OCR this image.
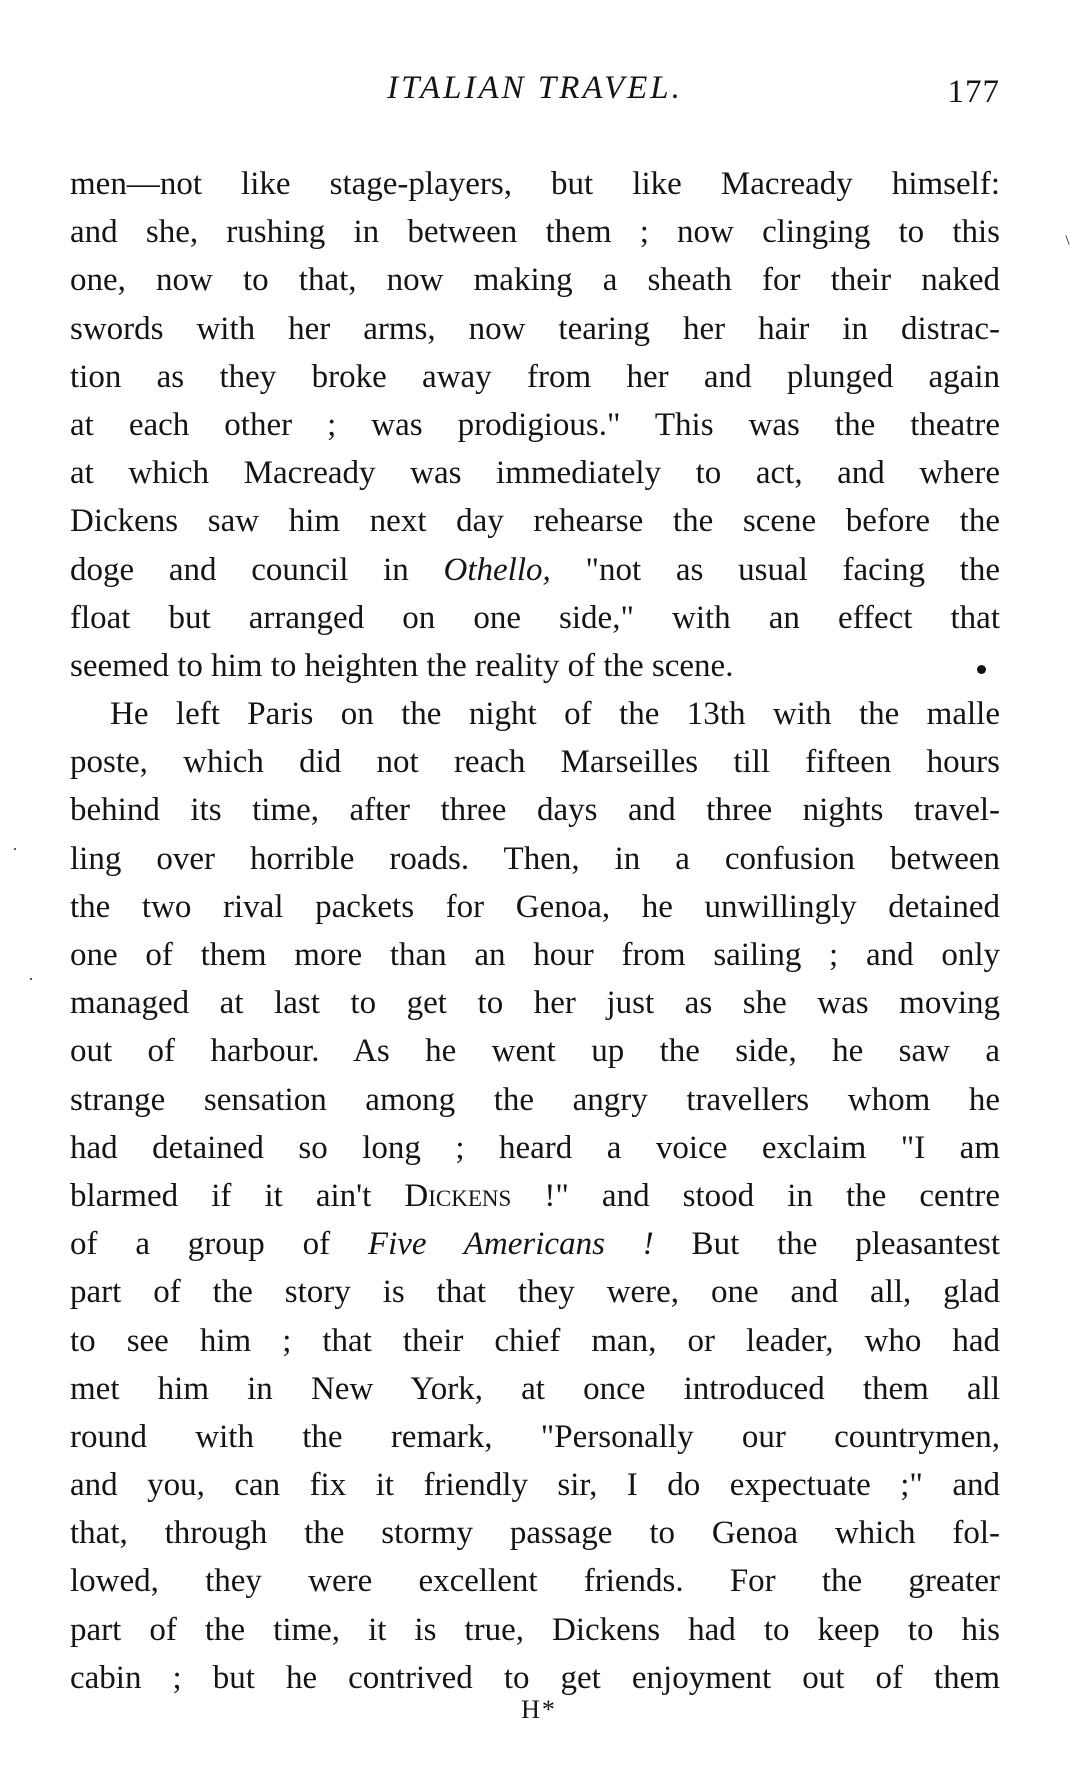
ITALIAN TRAVEL.	177
men—not like stage-players, but like Macready himself:
and she, rushing in between them ; now clinging to this
one, now to that, now making a sheath for their naked
swords with her arms, now tearing her hair in distrac-
tion as they broke away from her and plunged again
at each other ; was prodigious." This was the theatre
at which Macready was immediately to act, and where
Dickens saw him next day rehearse the scene before the
doge and council in Othello, "not as usual facing the
float but arranged on one side," with an effect that
seemed to him to heighten the reality of the scene.
He left Paris on the night of the 13th with the malle
poste, which did not reach Marseilles till fifteen hours
behind its time, after three days and three nights travel-
ling over horrible roads. Then, in a confusion between
the two rival packets for Genoa, he unwillingly detained
one of them more than an hour from sailing ; and only
managed at last to get to her just as she was moving
out of harbour. As he went up the side, he saw a
strange sensation among the angry travellers whom he
had detained so long ; heard a voice exclaim "I am
blarmed if it ain't Dickens !" and stood in the centre
of a group of Five Americans ! But the pleasantest
part of the story is that they were, one and all, glad
to see him ; that their chief man, or leader, who had
met him in New York, at once introduced them all
round with the remark, "Personally our countrymen,
and you, can fix it friendly sir, I do expectuate ;" and
that, through the stormy passage to Genoa which fol-
lowed, they were excellent friends. For the greater
part of the time, it is true, Dickens had to keep to his
cabin ; but he contrived to get enjoyment out of them
H*
